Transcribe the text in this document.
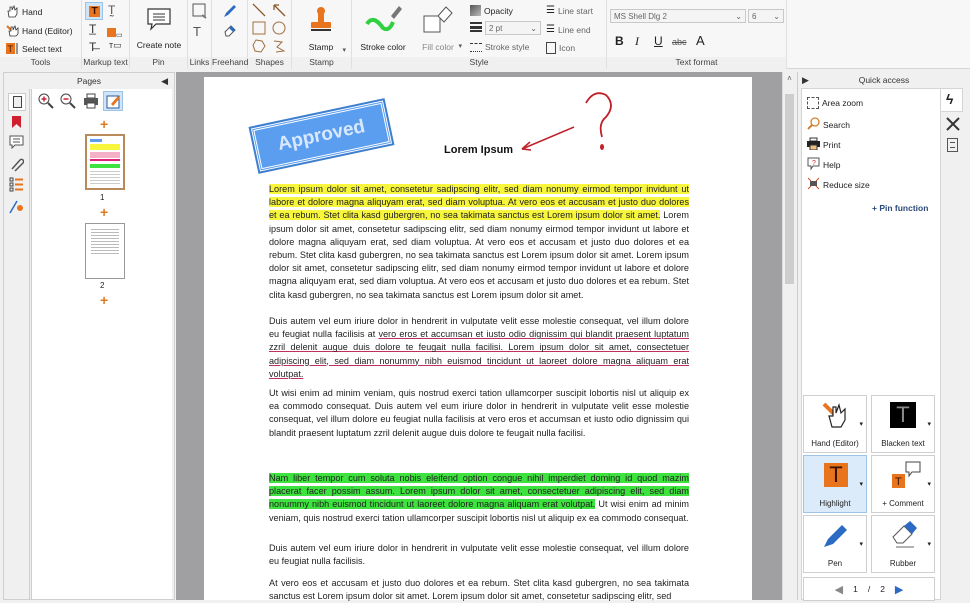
Hand
Hand (Editor)
T Select text
Tools
T T̰
T̲	▭
T̶ ᴛ▭
Markup text
Create note
Pin
T
Links Freehand Shapes
Stamp	▾
Stamp
Stroke color	Fill color ▾
Opacity
2 pt	⌄
Stroke style
☰ Line start
☰ Line end
Icon
Style
MS Shell Dlg 2	⌄ 6 ⌄
B I U abc A
Text format
Pages	◀
+
1
+
2
+
Approved	Lorem Ipsum
Lorem ipsum dolor sit amet, consetetur sadipscing elitr, sed diam nonumy eirmod tempor invidunt ut labore et dolore magna aliquyam erat, sed diam voluptua. At vero eos et accusam et justo duo dolores et ea rebum. Stet clita kasd gubergren, no sea takimata sanctus est Lorem ipsum dolor sit amet. Lorem ipsum dolor sit amet, consetetur sadipscing elitr, sed diam nonumy eirmod tempor invidunt ut labore et dolore magna aliquyam erat, sed diam voluptua. At vero eos et accusam et justo duo dolores et ea rebum. Stet clita kasd gubergren, no sea takimata sanctus est Lorem ipsum dolor sit amet. Lorem ipsum dolor sit amet, consetetur sadipscing elitr, sed diam nonumy eirmod tempor invidunt ut labore et dolore magna aliquyam erat, sed diam voluptua. At vero eos et accusam et justo duo dolores et ea rebum. Stet clita kasd gubergren, no sea takimata sanctus est Lorem ipsum dolor sit amet.
Duis autem vel eum iriure dolor in hendrerit in vulputate velit esse molestie consequat, vel illum dolore eu feugiat nulla facilisis at vero eros et accumsan et iusto odio dignissim qui blandit praesent luptatum zzril delenit augue duis dolore te feugait nulla facilisi. Lorem ipsum dolor sit amet, consectetuer adipiscing elit, sed diam nonummy nibh euismod tincidunt ut laoreet dolore magna aliquam erat volutpat.
Ut wisi enim ad minim veniam, quis nostrud exerci tation ullamcorper suscipit lobortis nisl ut aliquip ex ea commodo consequat. Duis autem vel eum iriure dolor in hendrerit in vulputate velit esse molestie consequat, vel illum dolore eu feugiat nulla facilisis at vero eros et accumsan et iusto odio dignissim qui blandit praesent luptatum zzril delenit augue duis dolore te feugait nulla facilisi.
Nam liber tempor cum soluta nobis eleifend option congue nihil imperdiet doming id quod mazim placerat facer possim assum. Lorem ipsum dolor sit amet, consectetuer adipiscing elit, sed diam nonummy nibh euismod tincidunt ut laoreet dolore magna aliquam erat volutpat. Ut wisi enim ad minim veniam, quis nostrud exerci tation ullamcorper suscipit lobortis nisl ut aliquip ex ea commodo consequat.
Duis autem vel eum iriure dolor in hendrerit in vulputate velit esse molestie consequat, vel illum dolore eu feugiat nulla facilisis.
At vero eos et accusam et justo duo dolores et ea rebum. Stet clita kasd gubergren, no sea takimata sanctus est Lorem ipsum dolor sit amet. Lorem ipsum dolor sit amet, consetetur sadipscing elitr, sed
˄	▶	Quick access
Area zoom
Search
Print
? Help
Reduce size
+ Pin function
▾
Hand (Editor)
T	▾
Blacken text
T	▾
Highlight
T	▾
+ Comment
▾
Pen
▾
Rubber
◀ 1 / 2 ▶
ϟ
